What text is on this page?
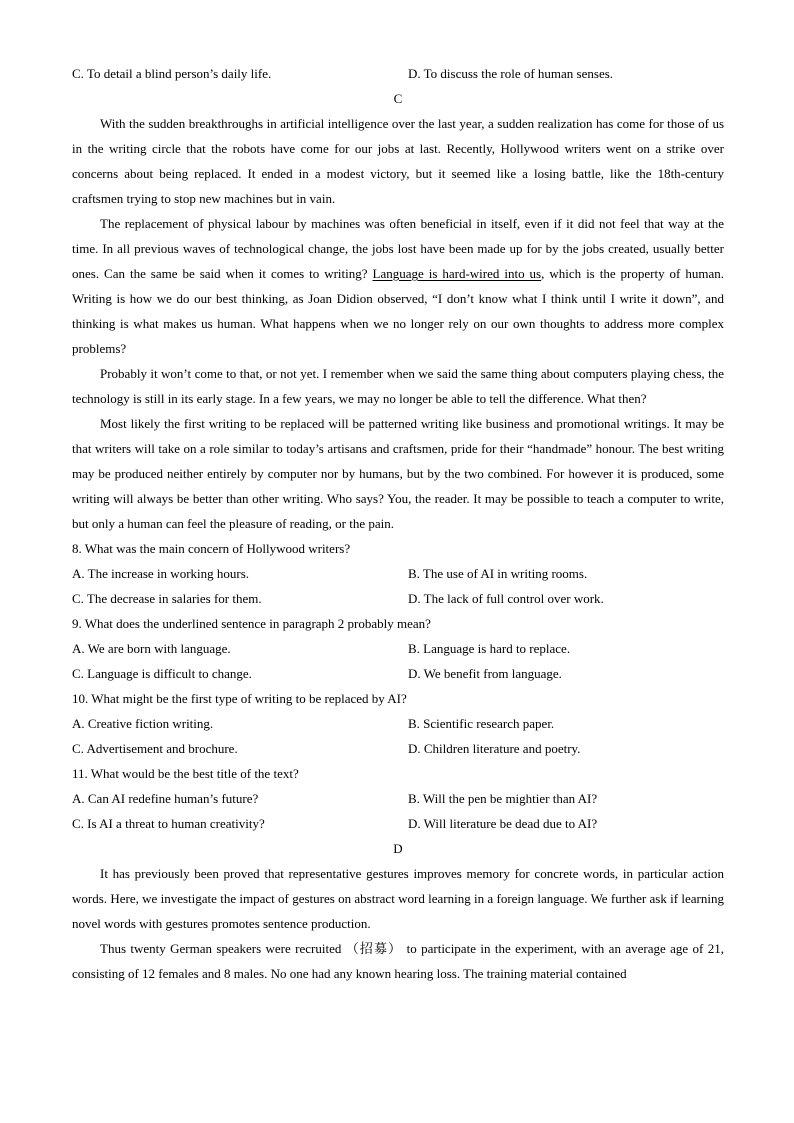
C. To detail a blind person’s daily life.	D. To discuss the role of human senses.
C

With the sudden breakthroughs in artificial intelligence over the last year, a sudden realization has come for those of us in the writing circle that the robots have come for our jobs at last. Recently, Hollywood writers went on a strike over concerns about being replaced. It ended in a modest victory, but it seemed like a losing battle, like the 18th-century craftsmen trying to stop new machines but in vain.

The replacement of physical labour by machines was often beneficial in itself, even if it did not feel that way at the time. In all previous waves of technological change, the jobs lost have been made up for by the jobs created, usually better ones. Can the same be said when it comes to writing? Language is hard-wired into us, which is the property of human. Writing is how we do our best thinking, as Joan Didion observed, “I don’t know what I think until I write it down”, and thinking is what makes us human. What happens when we no longer rely on our own thoughts to address more complex problems?

Probably it won’t come to that, or not yet. I remember when we said the same thing about computers playing chess, the technology is still in its early stage. In a few years, we may no longer be able to tell the difference. What then?

Most likely the first writing to be replaced will be patterned writing like business and promotional writings. It may be that writers will take on a role similar to today’s artisans and craftsmen, pride for their “handmade” honour. The best writing may be produced neither entirely by computer nor by humans, but by the two combined. For however it is produced, some writing will always be better than other writing. Who says? You, the reader. It may be possible to teach a computer to write, but only a human can feel the pleasure of reading, or the pain.

8. What was the main concern of Hollywood writers?
A. The increase in working hours.	B. The use of AI in writing rooms.
C. The decrease in salaries for them.	D. The lack of full control over work.
9. What does the underlined sentence in paragraph 2 probably mean?
A. We are born with language.	B. Language is hard to replace.
C. Language is difficult to change.	D. We benefit from language.
10. What might be the first type of writing to be replaced by AI?
A. Creative fiction writing.	B. Scientific research paper.
C. Advertisement and brochure.	D. Children literature and poetry.
11. What would be the best title of the text?
A. Can AI redefine human’s future?	B. Will the pen be mightier than AI?
C. Is AI a threat to human creativity?	D. Will literature be dead due to AI?
D

It has previously been proved that representative gestures improves memory for concrete words, in particular action words. Here, we investigate the impact of gestures on abstract word learning in a foreign language. We further ask if learning novel words with gestures promotes sentence production.

Thus twenty German speakers were recruited （招募） to participate in the experiment, with an average age of 21, consisting of 12 females and 8 males. No one had any known hearing loss. The training material contained
